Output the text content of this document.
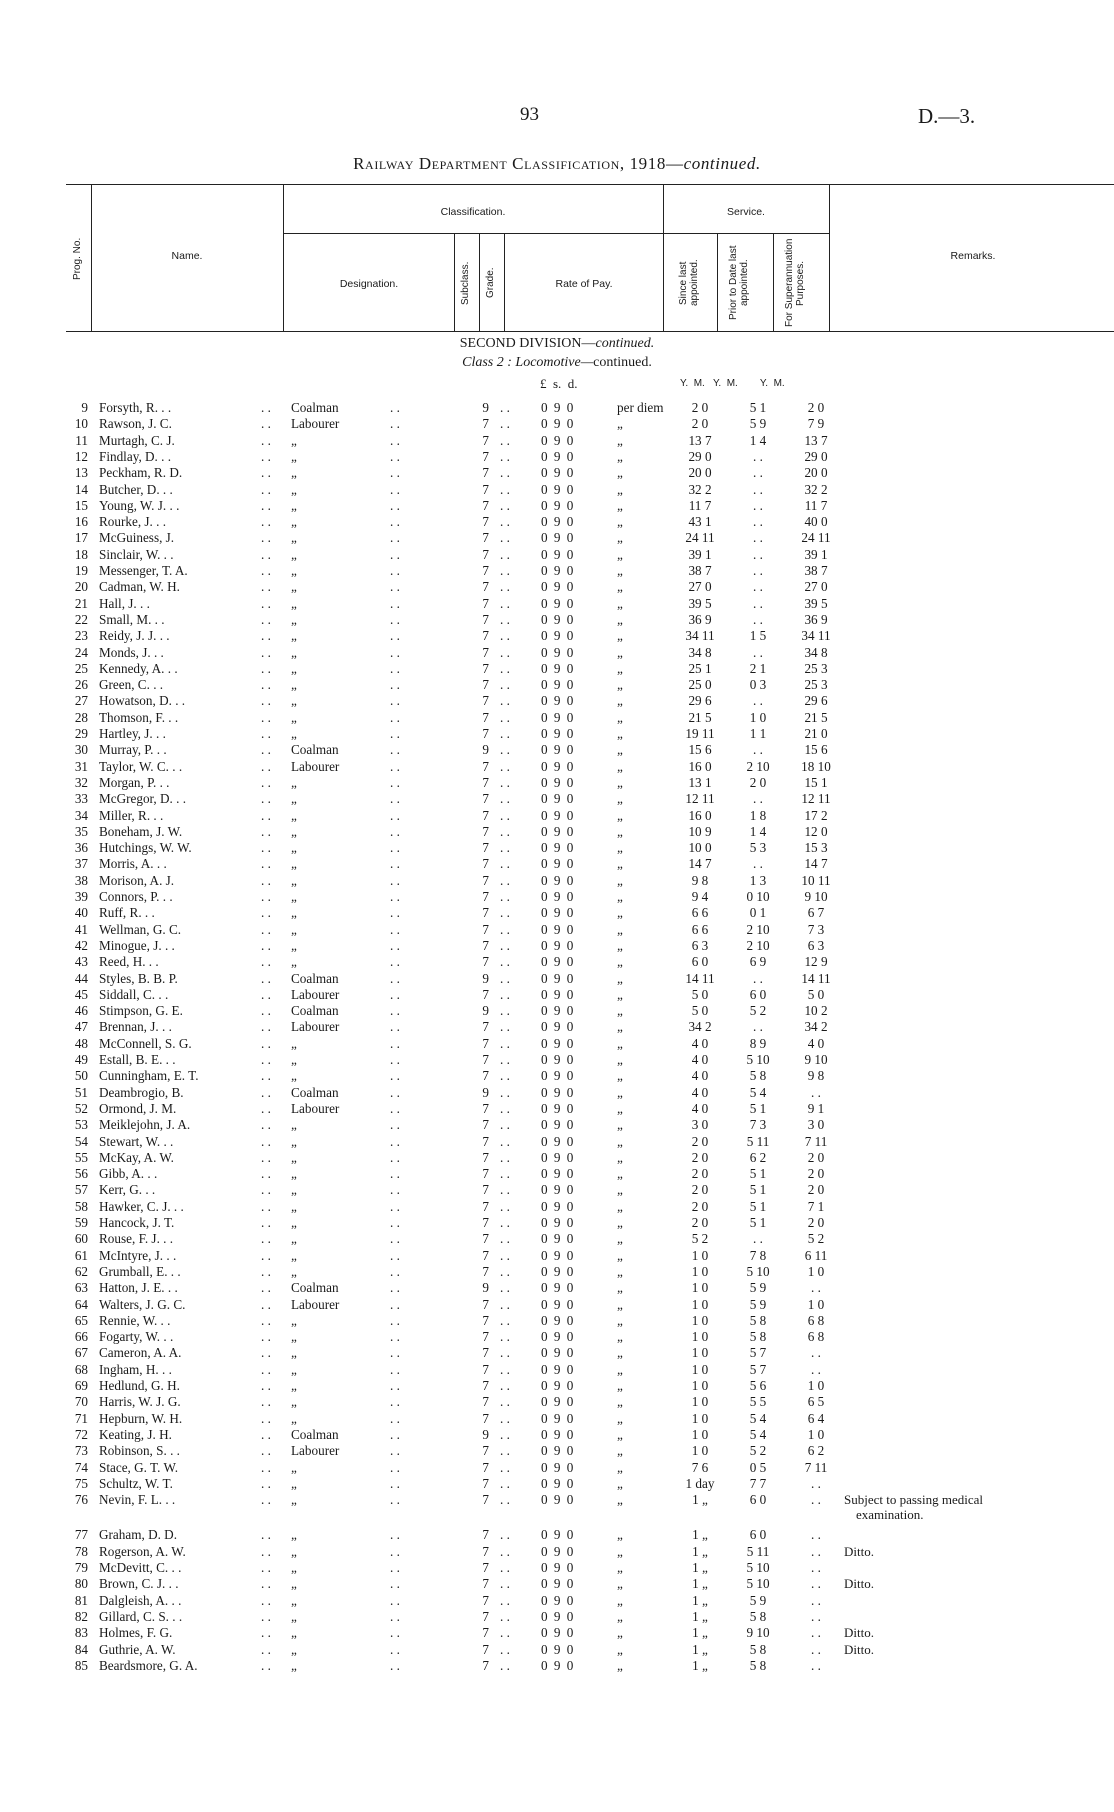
93	D.—3.
Railway Department Classification, 1918—continued.
Prog. No.	Name.
Classification.
Designation.	Subclass. Grade.	Rate of Pay.
Service.
Since last appointed.	Prior to Date last appointed.	For Superannuation Purposes.
Remarks.
SECOND DIVISION—continued.
Class 2 : Locomotive—continued.
£  s.  d.	Y.  M.   Y.  M.        Y.  M.
9 Forsyth, R. . .	. . Coalman	. .	9 . . 0 9 0	per diem	2 0	5 1	2 0
10 Rawson, J. C.	. . Labourer	. .	7 . . 0 9 0	„	2 0	5 9	7 9
11 Murtagh, C. J.	. . „	. .	7 . . 0 9 0	„	13 7	1 4	13 7
12 Findlay, D. . .	. . „	. .	7 . . 0 9 0	„	29 0	. .	29 0
13 Peckham, R. D.	. . „	. .	7 . . 0 9 0	„	20 0	. .	20 0
14 Butcher, D. . .	. . „	. .	7 . . 0 9 0	„	32 2	. .	32 2
15 Young, W. J. . .	. . „	. .	7 . . 0 9 0	„	11 7	. .	11 7
16 Rourke, J. . .	. . „	. .	7 . . 0 9 0	„	43 1	. .	40 0
17 McGuiness, J.	. . „	. .	7 . . 0 9 0	„	24 11	. .	24 11
18 Sinclair, W. . .	. . „	. .	7 . . 0 9 0	„	39 1	. .	39 1
19 Messenger, T. A.	. . „	. .	7 . . 0 9 0	„	38 7	. .	38 7
20 Cadman, W. H.	. . „	. .	7 . . 0 9 0	„	27 0	. .	27 0
21 Hall, J. . .	. . „	. .	7 . . 0 9 0	„	39 5	. .	39 5
22 Small, M. . .	. . „	. .	7 . . 0 9 0	„	36 9	. .	36 9
23 Reidy, J. J. . .	. . „	. .	7 . . 0 9 0	„	34 11	1 5	34 11
24 Monds, J. . .	. . „	. .	7 . . 0 9 0	„	34 8	. .	34 8
25 Kennedy, A. . .	. . „	. .	7 . . 0 9 0	„	25 1	2 1	25 3
26 Green, C. . .	. . „	. .	7 . . 0 9 0	„	25 0	0 3	25 3
27 Howatson, D. . .	. . „	. .	7 . . 0 9 0	„	29 6	. .	29 6
28 Thomson, F. . .	. . „	. .	7 . . 0 9 0	„	21 5	1 0	21 5
29 Hartley, J. . .	. . „	. .	7 . . 0 9 0	„	19 11	1 1	21 0
30 Murray, P. . .	. . Coalman	. .	9 . . 0 9 0	„	15 6	. .	15 6
31 Taylor, W. C. . .	. . Labourer	. .	7 . . 0 9 0	„	16 0	2 10	18 10
32 Morgan, P. . .	. . „	. .	7 . . 0 9 0	„	13 1	2 0	15 1
33 McGregor, D. . .	. . „	. .	7 . . 0 9 0	„	12 11	. .	12 11
34 Miller, R. . .	. . „	. .	7 . . 0 9 0	„	16 0	1 8	17 2
35 Boneham, J. W.	. . „	. .	7 . . 0 9 0	„	10 9	1 4	12 0
36 Hutchings, W. W.	. . „	. .	7 . . 0 9 0	„	10 0	5 3	15 3
37 Morris, A. . .	. . „	. .	7 . . 0 9 0	„	14 7	. .	14 7
38 Morison, A. J.	. . „	. .	7 . . 0 9 0	„	9 8	1 3	10 11
39 Connors, P. . .	. . „	. .	7 . . 0 9 0	„	9 4	0 10	9 10
40 Ruff, R. . .	. . „	. .	7 . . 0 9 0	„	6 6	0 1	6 7
41 Wellman, G. C.	. . „	. .	7 . . 0 9 0	„	6 6	2 10	7 3
42 Minogue, J. . .	. . „	. .	7 . . 0 9 0	„	6 3	2 10	6 3
43 Reed, H. . .	. . „	. .	7 . . 0 9 0	„	6 0	6 9	12 9
44 Styles, B. B. P.	. . Coalman	. .	9 . . 0 9 0	„	14 11	. .	14 11
45 Siddall, C. . .	. . Labourer	. .	7 . . 0 9 0	„	5 0	6 0	5 0
46 Stimpson, G. E.	. . Coalman	. .	9 . . 0 9 0	„	5 0	5 2	10 2
47 Brennan, J. . .	. . Labourer	. .	7 . . 0 9 0	„	34 2	. .	34 2
48 McConnell, S. G.	. . „	. .	7 . . 0 9 0	„	4 0	8 9	4 0
49 Estall, B. E. . .	. . „	. .	7 . . 0 9 0	„	4 0	5 10	9 10
50 Cunningham, E. T.	. . „	. .	7 . . 0 9 0	„	4 0	5 8	9 8
51 Deambrogio, B.	. . Coalman	. .	9 . . 0 9 0	„	4 0	5 4	. .
52 Ormond, J. M.	. . Labourer	. .	7 . . 0 9 0	„	4 0	5 1	9 1
53 Meiklejohn, J. A.	. . „	. .	7 . . 0 9 0	„	3 0	7 3	3 0
54 Stewart, W. . .	. . „	. .	7 . . 0 9 0	„	2 0	5 11	7 11
55 McKay, A. W.	. . „	. .	7 . . 0 9 0	„	2 0	6 2	2 0
56 Gibb, A. . .	. . „	. .	7 . . 0 9 0	„	2 0	5 1	2 0
57 Kerr, G. . .	. . „	. .	7 . . 0 9 0	„	2 0	5 1	2 0
58 Hawker, C. J. . .	. . „	. .	7 . . 0 9 0	„	2 0	5 1	7 1
59 Hancock, J. T.	. . „	. .	7 . . 0 9 0	„	2 0	5 1	2 0
60 Rouse, F. J. . .	. . „	. .	7 . . 0 9 0	„	5 2	. .	5 2
61 McIntyre, J. . .	. . „	. .	7 . . 0 9 0	„	1 0	7 8	6 11
62 Grumball, E. . .	. . „	. .	7 . . 0 9 0	„	1 0	5 10	1 0
63 Hatton, J. E. . .	. . Coalman	. .	9 . . 0 9 0	„	1 0	5 9	. .
64 Walters, J. G. C.	. . Labourer	. .	7 . . 0 9 0	„	1 0	5 9	1 0
65 Rennie, W. . .	. . „	. .	7 . . 0 9 0	„	1 0	5 8	6 8
66 Fogarty, W. . .	. . „	. .	7 . . 0 9 0	„	1 0	5 8	6 8
67 Cameron, A. A.	. . „	. .	7 . . 0 9 0	„	1 0	5 7	. .
68 Ingham, H. . .	. . „	. .	7 . . 0 9 0	„	1 0	5 7	. .
69 Hedlund, G. H.	. . „	. .	7 . . 0 9 0	„	1 0	5 6	1 0
70 Harris, W. J. G.	. . „	. .	7 . . 0 9 0	„	1 0	5 5	6 5
71 Hepburn, W. H.	. . „	. .	7 . . 0 9 0	„	1 0	5 4	6 4
72 Keating, J. H.	. . Coalman	. .	9 . . 0 9 0	„	1 0	5 4	1 0
73 Robinson, S. . .	. . Labourer	. .	7 . . 0 9 0	„	1 0	5 2	6 2
74 Stace, G. T. W.	. . „	. .	7 . . 0 9 0	„	7 6	0 5	7 11
75 Schultz, W. T.	. . „	. .	7 . . 0 9 0	„	1 day	7 7	. .
76 Nevin, F. L. . .	. . „	. .	7 . . 0 9 0	„	1 „	6 0	. .	Subject to passing medical
examination.
77 Graham, D. D.	. . „	. .	7 . . 0 9 0	„	1 „	6 0	. .
78 Rogerson, A. W.	. . „	. .	7 . . 0 9 0	„	1 „	5 11	. .	Ditto.
79 McDevitt, C. . .	. . „	. .	7 . . 0 9 0	„	1 „	5 10	. .
80 Brown, C. J. . .	. . „	. .	7 . . 0 9 0	„	1 „	5 10	. .	Ditto.
81 Dalgleish, A. . .	. . „	. .	7 . . 0 9 0	„	1 „	5 9	. .
82 Gillard, C. S. . .	. . „	. .	7 . . 0 9 0	„	1 „	5 8	. .
83 Holmes, F. G.	. . „	. .	7 . . 0 9 0	„	1 „	9 10	. .	Ditto.
84 Guthrie, A. W.	. . „	. .	7 . . 0 9 0	„	1 „	5 8	. .	Ditto.
85 Beardsmore, G. A.	. . „	. .	7 . . 0 9 0	„	1 „	5 8	. .
